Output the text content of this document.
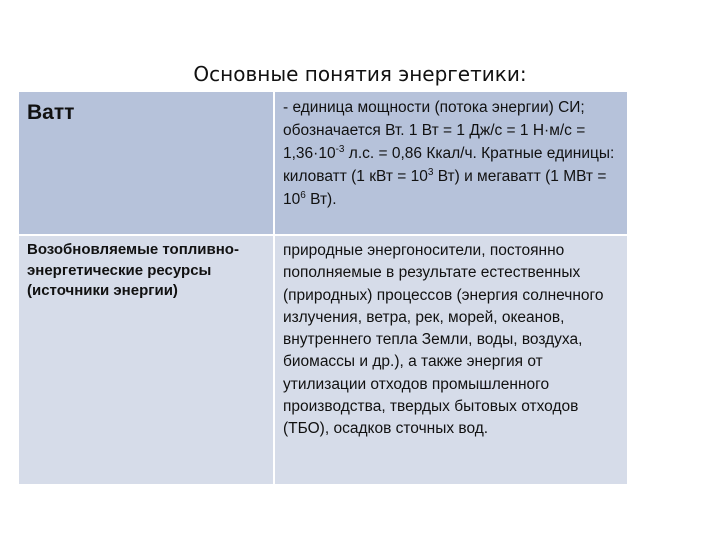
Основные понятия энергетики:
Ватт	- единица мощности (потока энергии) СИ; обозначается Вт. 1 Вт = 1 Дж/с = 1 $Н\cdot м/с = 1,36\cdot 10^{-3}$ л.с. = 0,86 Ккал/ч. Кратные единицы: киловатт (1 кВт = $10^3$ Вт) и мегаватт (1 МВт = $10^6$ Вт).

Возобновляемые топливно-энергетические ресурсы (источники энергии)	природные энергоносители, постоянно пополняемые в результате естественных (природных) процессов (энергия солнечного излучения, ветра, рек, морей, океанов, внутреннего тепла Земли, воды, воздуха, биомассы и др.), а также энергия от утилизации отходов промышленного производства, твердых бытовых отходов (ТБО), осадков сточных вод.
